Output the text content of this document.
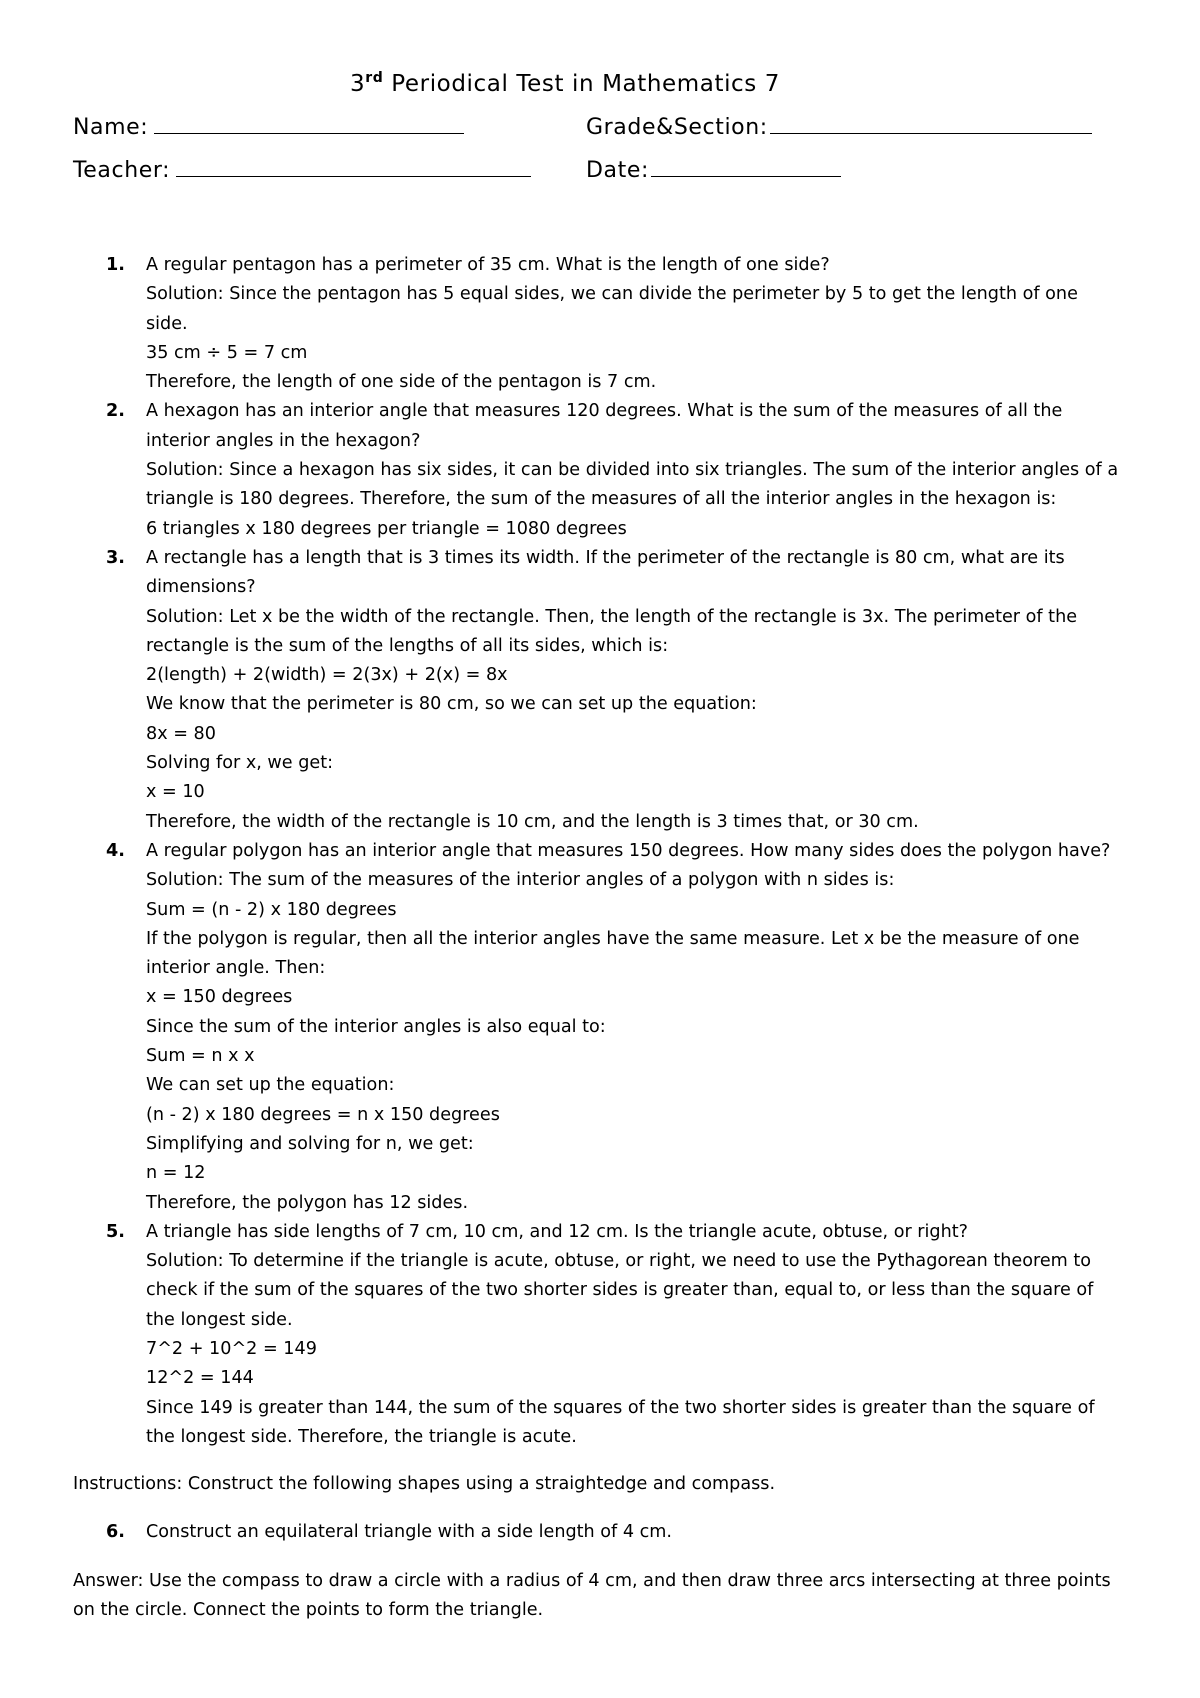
3rd Periodical Test in Mathematics 7
Name:	Grade&Section:
Teacher:	Date:
1. A regular pentagon has a perimeter of 35 cm. What is the length of one side?
Solution: Since the pentagon has 5 equal sides, we can divide the perimeter by 5 to get the length of one
side.
35 cm ÷ 5 = 7 cm
Therefore, the length of one side of the pentagon is 7 cm.
2. A hexagon has an interior angle that measures 120 degrees. What is the sum of the measures of all the
interior angles in the hexagon?
Solution: Since a hexagon has six sides, it can be divided into six triangles. The sum of the interior angles of a
triangle is 180 degrees. Therefore, the sum of the measures of all the interior angles in the hexagon is:
6 triangles x 180 degrees per triangle = 1080 degrees
3. A rectangle has a length that is 3 times its width. If the perimeter of the rectangle is 80 cm, what are its
dimensions?
Solution: Let x be the width of the rectangle. Then, the length of the rectangle is 3x. The perimeter of the
rectangle is the sum of the lengths of all its sides, which is:
2(length) + 2(width) = 2(3x) + 2(x) = 8x
We know that the perimeter is 80 cm, so we can set up the equation:
8x = 80
Solving for x, we get:
x = 10
Therefore, the width of the rectangle is 10 cm, and the length is 3 times that, or 30 cm.
4. A regular polygon has an interior angle that measures 150 degrees. How many sides does the polygon have?
Solution: The sum of the measures of the interior angles of a polygon with n sides is:
Sum = (n - 2) x 180 degrees
If the polygon is regular, then all the interior angles have the same measure. Let x be the measure of one
interior angle. Then:
x = 150 degrees
Since the sum of the interior angles is also equal to:
Sum = n x x
We can set up the equation:
(n - 2) x 180 degrees = n x 150 degrees
Simplifying and solving for n, we get:
n = 12
Therefore, the polygon has 12 sides.
5. A triangle has side lengths of 7 cm, 10 cm, and 12 cm. Is the triangle acute, obtuse, or right?
Solution: To determine if the triangle is acute, obtuse, or right, we need to use the Pythagorean theorem to
check if the sum of the squares of the two shorter sides is greater than, equal to, or less than the square of
the longest side.
7^2 + 10^2 = 149
12^2 = 144
Since 149 is greater than 144, the sum of the squares of the two shorter sides is greater than the square of
the longest side. Therefore, the triangle is acute.
Instructions: Construct the following shapes using a straightedge and compass.
6. Construct an equilateral triangle with a side length of 4 cm.
Answer: Use the compass to draw a circle with a radius of 4 cm, and then draw three arcs intersecting at three points
on the circle. Connect the points to form the triangle.
